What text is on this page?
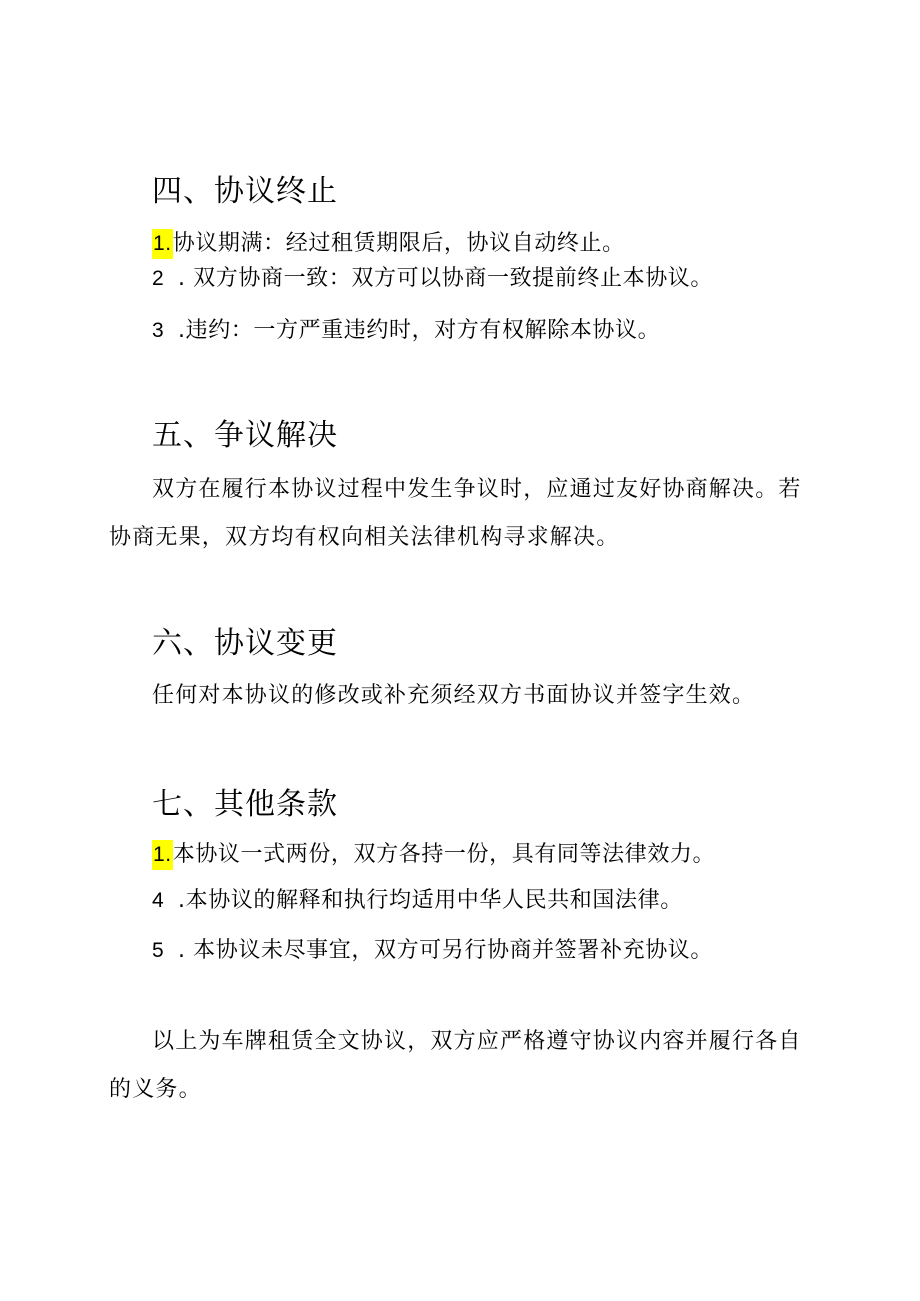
四、协议终止
1.协议期满：经过租赁期限后，协议自动终止。
2 . 双方协商一致：双方可以协商一致提前终止本协议。
3 .违约：一方严重违约时，对方有权解除本协议。
五、争议解决
双方在履行本协议过程中发生争议时，应通过友好协商解决。若
协商无果，双方均有权向相关法律机构寻求解决。
六、协议变更
任何对本协议的修改或补充须经双方书面协议并签字生效。
七、其他条款
1.本协议一式两份，双方各持一份，具有同等法律效力。
4 .本协议的解释和执行均适用中华人民共和国法律。
5 . 本协议未尽事宜，双方可另行协商并签署补充协议。
以上为车牌租赁全文协议，双方应严格遵守协议内容并履行各自
的义务。
